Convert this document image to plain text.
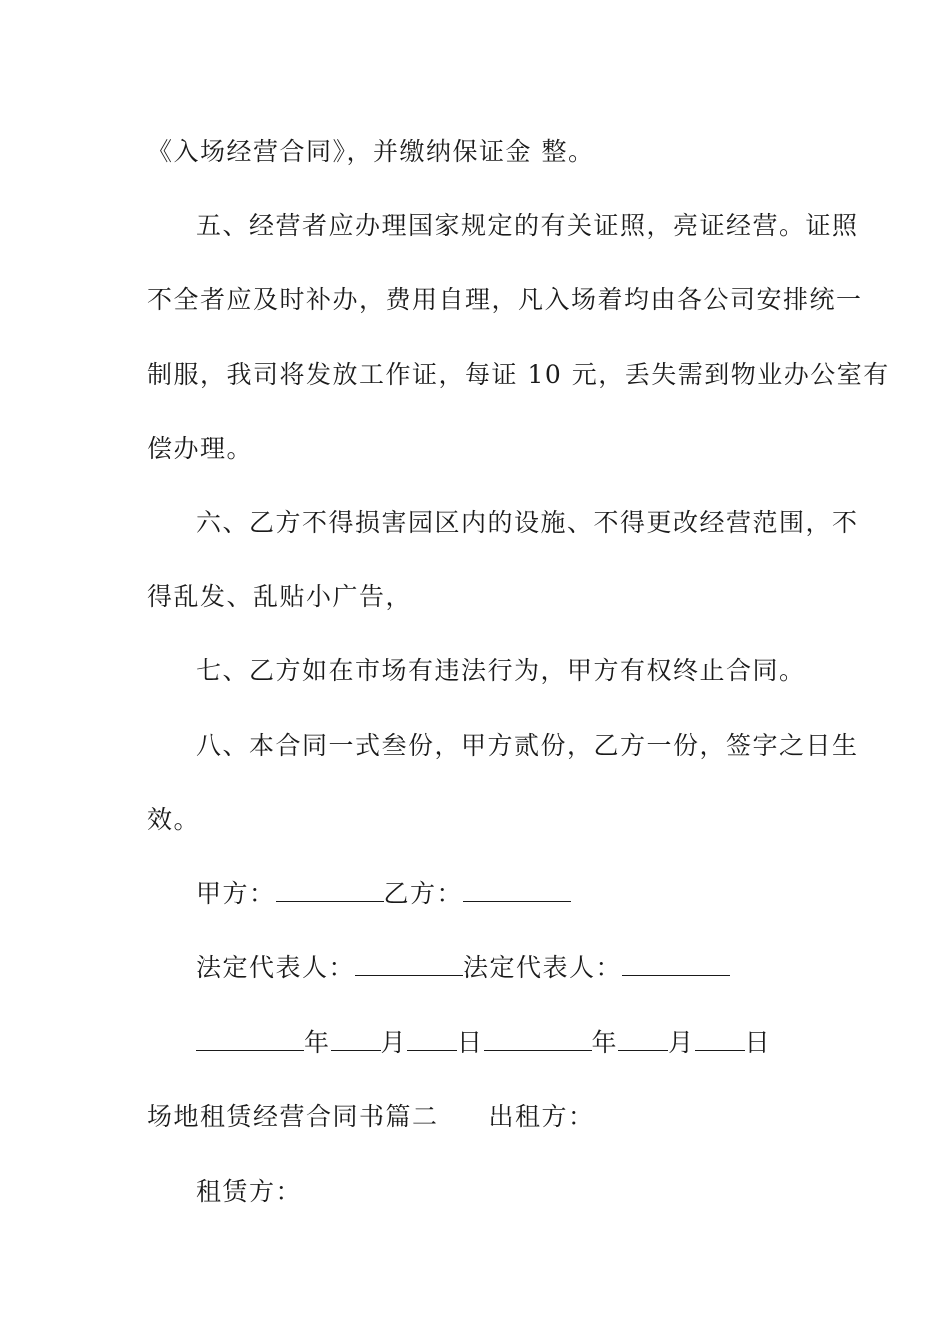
《入场经营合同》，并缴纳保证金 整。
五、经营者应办理国家规定的有关证照，亮证经营。证照
不全者应及时补办，费用自理，凡入场着均由各公司安排统一
制服，我司将发放工作证，每证 10 元，丢失需到物业办公室有
偿办理。
六、乙方不得损害园区内的设施、不得更改经营范围，不
得乱发、乱贴小广告，
七、乙方如在市场有违法行为，甲方有权终止合同。
八、本合同一式叁份，甲方贰份，乙方一份，签字之日生
效。
甲方：	乙方：
法定代表人：	法定代表人：
年 月 日	年 月 日
场地租赁经营合同书篇二 出租方：
租赁方：
